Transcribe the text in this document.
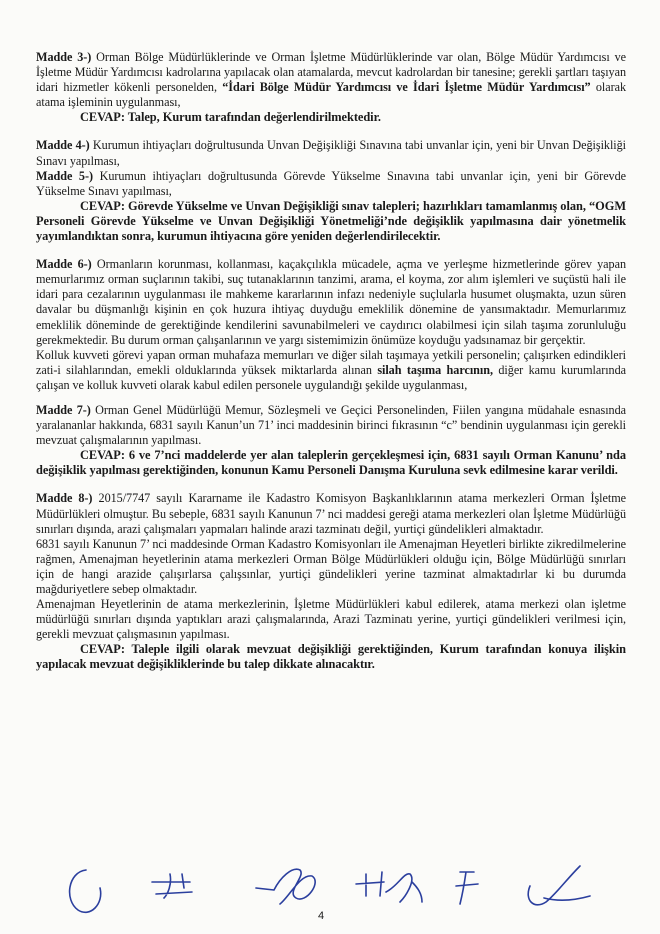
Madde 3-) Orman Bölge Müdürlüklerinde ve Orman İşletme Müdürlüklerinde var olan, Bölge Müdür Yardımcısı ve İşletme Müdür Yardımcısı kadrolarına yapılacak olan atamalarda, mevcut kadrolardan bir tanesine; gerekli şartları taşıyan idari hizmetler kökenli personelden, “İdari Bölge Müdür Yardımcısı ve İdari İşletme Müdür Yardımcısı” olarak atama işleminin uygulanması,

CEVAP: Talep, Kurum tarafından değerlendirilmektedir.

Madde 4-) Kurumun ihtiyaçları doğrultusunda Unvan Değişikliği Sınavına tabi unvanlar için, yeni bir Unvan Değişikliği Sınavı yapılması,

Madde 5-) Kurumun ihtiyaçları doğrultusunda Görevde Yükselme Sınavına tabi unvanlar için, yeni bir Görevde Yükselme Sınavı yapılması,

CEVAP: Görevde Yükselme ve Unvan Değişikliği sınav talepleri; hazırlıkları tamamlanmış olan, “OGM Personeli Görevde Yükselme ve Unvan Değişikliği Yönetmeliği’nde değişiklik yapılmasına dair yönetmelik yayımlandıktan sonra, kurumun ihtiyacına göre yeniden değerlendirilecektir.

Madde 6-) Ormanların korunması, kollanması, kaçakçılıkla mücadele, açma ve yerleşme hizmetlerinde görev yapan memurlarımız orman suçlarının takibi, suç tutanaklarının tanzimi, arama, el koyma, zor alım işlemleri ve suçüstü hali ile idari para cezalarının uygulanması ile mahkeme kararlarının infazı nedeniyle suçlularla husumet oluşmakta, uzun süren davalar bu düşmanlığı kişinin en çok huzura ihtiyaç duyduğu emeklilik dönemine de yansımaktadır. Memurlarımız emeklilik döneminde de gerektiğinde kendilerini savunabilmeleri ve caydırıcı olabilmesi için silah taşıma zorunluluğu gerekmektedir. Bu durum orman çalışanlarının ve yargı sistemimizin önümüze koyduğu yadsınamaz bir gerçektir.

Kolluk kuvveti görevi yapan orman muhafaza memurları ve diğer silah taşımaya yetkili personelin; çalışırken edindikleri zati-i silahlarından, emekli olduklarında yüksek miktarlarda alınan silah taşıma harcının, diğer kamu kurumlarında çalışan ve kolluk kuvveti olarak kabul edilen personele uygulandığı şekilde uygulanması,

Madde 7-) Orman Genel Müdürlüğü Memur, Sözleşmeli ve Geçici Personelinden, Fiilen yangına müdahale esnasında yaralananlar hakkında, 6831 sayılı Kanun’un 71’ inci maddesinin birinci fıkrasının “c” bendinin uygulanması için gerekli mevzuat çalışmalarının yapılması.

CEVAP: 6 ve 7’nci maddelerde yer alan taleplerin gerçekleşmesi için, 6831 sayılı Orman Kanunu’ nda değişiklik yapılması gerektiğinden, konunun Kamu Personeli Danışma Kuruluna sevk edilmesine karar verildi.

Madde 8-) 2015/7747 sayılı Kararname ile Kadastro Komisyon Başkanlıklarının atama merkezleri Orman İşletme Müdürlükleri olmuştur. Bu sebeple, 6831 sayılı Kanunun 7’ nci maddesi gereği atama merkezleri olan İşletme Müdürlüğü sınırları dışında, arazi çalışmaları yapmaları halinde arazi tazminatı değil, yurtiçi gündelikleri almaktadır.

6831 sayılı Kanunun 7’ nci maddesinde Orman Kadastro Komisyonları ile Amenajman Heyetleri birlikte zikredilmelerine rağmen, Amenajman heyetlerinin atama merkezleri Orman Bölge Müdürlükleri olduğu için, Bölge Müdürlüğü sınırları için de hangi arazide çalışırlarsa çalışsınlar, yurtiçi gündelikleri yerine tazminat almaktadırlar ki bu durumda mağduriyetlere sebep olmaktadır.

Amenajman Heyetlerinin de atama merkezlerinin, İşletme Müdürlükleri kabul edilerek, atama merkezi olan işletme müdürlüğü sınırları dışında yaptıkları arazi çalışmalarında, Arazi Tazminatı yerine, yurtiçi gündelikleri verilmesi için, gerekli mevzuat çalışmasının yapılması.

CEVAP: Taleple ilgili olarak mevzuat değişikliği gerektiğinden, Kurum tarafından konuya ilişkin yapılacak mevzuat değişikliklerinde bu talep dikkate alınacaktır.

4
